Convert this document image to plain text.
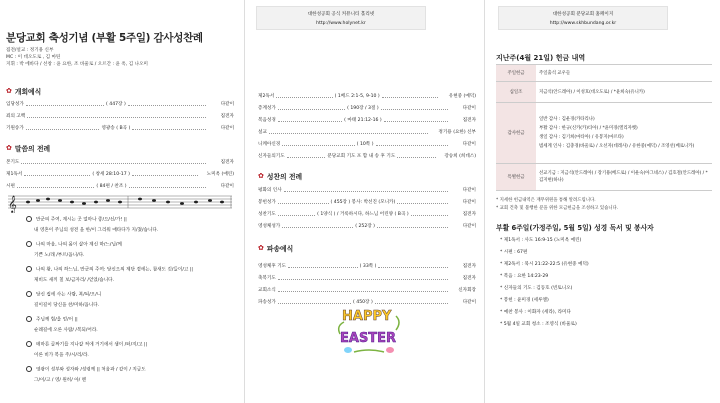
분당교회 축성기념 (부활 5주일) 감사성찬례
집전/설교 : 정기용 신부
MC : 이 데오도로 , 김 마틴
지휘 : 박 에바다 / 선창 : 윤 요한, 조 바울로 / 오르간 : 윤 옥, 김 나오미
✿ 개회예식
입당성가	( 447장 )	다같이
죄의 고백	집전자
기원송가	영광송 ( B곡 )	다같이
✿ 말씀의 전례
본기도	집전자
제1독서	( 창세 28:10-17 )	노미옥 (애린)
시편	( 84편 / 찬조 )	다같이
𝄞
만군의 주여, 계시는 곳 얼마나 좋/으/신/가! ||
내 영혼이 주님의 성전 을 한/이 그리워 애타다가 지/쳤/습니다.
나의 마음, 나의 몸이 살아 계신 하/느/님/께
기쁜 노/래 /부르/옵니/다.
나의 왕, 나의 하느님, 만군의 주여: 당신으의 제단 곁에는, 참새도 깃/들이/고 ||
제비도 새끼 칠 보/금자리/ /얻었/습니다.
당신 집에 사는 사람, 복/되/오/니
길이길이 당신을 찬/미하/옵니다.
주님께 힘/을 얻/어 ||
순례길에 오른 사람/ /복되/어라.
메마른 골짜기를 지나갈 적에 거기에서 샘이 /터/지/고 ||
이른 비가 복을 주/시/리/라.
영광이 성부와 성자와 /성령께 || 처음과 / 같이 / 지금도
그/이/고 / 영/ 원히/ 아/ 멘
대한성공회 공식 커뮤니티 홀리넷
http://www.holynet.kr
제2독서	( 1베드 2:1-5, 9-10 )	유현중 (예덕)
층계성가	( 190장 / 3절 )	다같이
복음성경	( 마태 21:12-16 )	집전자
설교	정기용 (요한) 신부
니케아신경	( 10쪽 )	다같이
신자들의기도	분당교회 기도 포 함 내 송 후 기도	강승희 (희데스)
✿ 성찬의 전례
평화의 인사	다같이
봉헌성가	( 455장 ) 봉사: 박선진 (모니카)	다같이
성찬기도	( 1양식 ) / 거룩하시다, 하느님 어린양 ( B곡 )	집전자
영성체성가	( 252장 )	다같이
✿ 파송예식
영성체후 기도	( 33쪽 )	집전자
축복기도	집전자
교회소식	신자회장
파송성가	( 450장 )	다같이
HAPPY
EASTER
대한성공회 분당교회 홈페이지
http://www.skhbundang.or.kr
지난주(4월 21일) 헌금 내역
주일헌금	주일출석 교우들
십일조	지금석(안드레아) / 이성호(데오도로) / *윤희숙(유니카)
감사헌금	일반 감사 : 김운경(카타리나)
부활 감사 : 한규(신카(카)티아) / *윤미경(엘리자벳)
생일 감사 : 김기희(마티아) / 유봉지(마르타)
범세계 인사 : 김충경(바울로) / 오선자(데레사) / 유한중(예덕) / 조영선(베로니카)
특별헌금	선교기금 : 지금석(안드레아) / 장기용(베드로) / 이운숙(아그네스) / 김호철(안드레아) / *김지현(하나)
* 지세한 헌금내역은 재무위원을 통해 알려드립니다.
* 교회 건축 및 불행한 분을 위한 모금헌금을 조성하고 있습니다.
부활 6주일(가정주일, 5월 5일) 성경 독서 및 봉사자
* 제1독서 : 사도 16:9-15 (노미옥 예린)
* 시편 : 67편
* 제2독서 : 묵시 21:22-22:5 (유현중 예덕)
* 복음 : 요한 14:23-29
* 신자들의 기도 : 김동호 (빈토니오)
* 봉헌 : 윤미경 (세루엘)
* 예찬 봉사 : 이화자 (세라), 라미다
* 5월 4일 교회 청소 : 조영식 (바울로)
